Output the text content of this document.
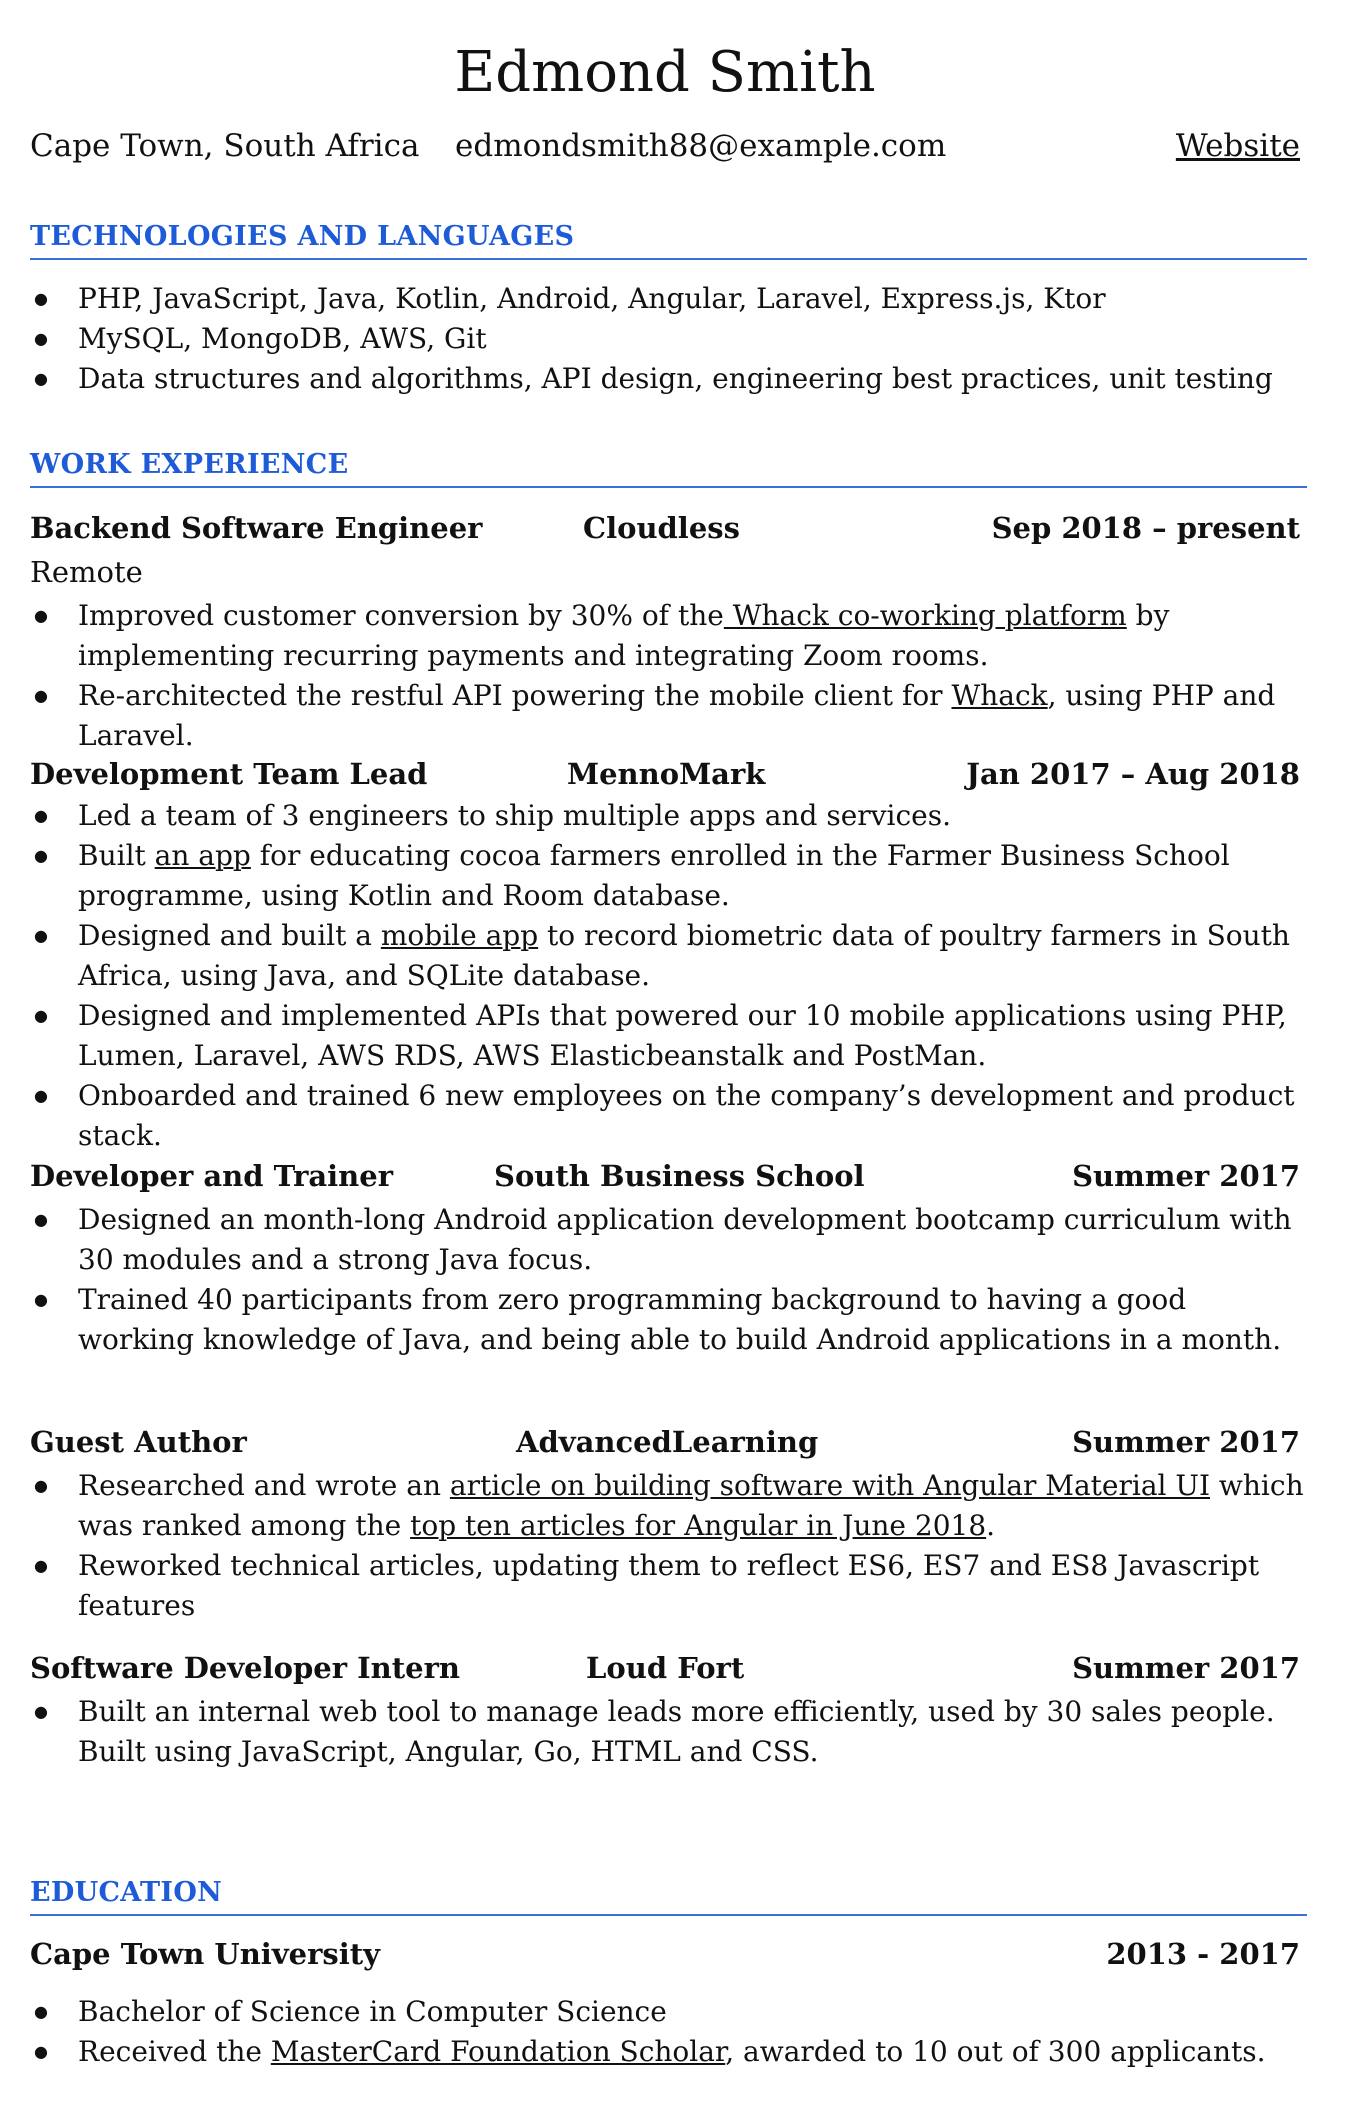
Edmond Smith
Cape Town, South Africa edmondsmith88@example.com	Website
TECHNOLOGIES AND LANGUAGES
● PHP, JavaScript, Java, Kotlin, Android, Angular, Laravel, Express.js, Ktor
● MySQL, MongoDB, AWS, Git
● Data structures and algorithms, API design, engineering best practices, unit testing
WORK EXPERIENCE
Backend Software Engineer	Cloudless	Sep 2018 – present
Remote
● Improved customer conversion by 30% of the Whack co-working platform by implementing recurring payments and integrating Zoom rooms.
● Re-architected the restful API powering the mobile client for Whack, using PHP and Laravel.
Development Team Lead	MennoMark	Jan 2017 – Aug 2018
● Led a team of 3 engineers to ship multiple apps and services.
● Built an app for educating cocoa farmers enrolled in the Farmer Business School programme, using Kotlin and Room database.
● Designed and built a mobile app to record biometric data of poultry farmers in South Africa, using Java, and SQLite database.
● Designed and implemented APIs that powered our 10 mobile applications using PHP, Lumen, Laravel, AWS RDS, AWS Elasticbeanstalk and PostMan.
● Onboarded and trained 6 new employees on the company’s development and product stack.
Developer and Trainer	South Business School	Summer 2017
● Designed an month-long Android application development bootcamp curriculum with 30 modules and a strong Java focus.
● Trained 40 participants from zero programming background to having a good working knowledge of Java, and being able to build Android applications in a month.
Guest Author	AdvancedLearning	Summer 2017
● Researched and wrote an article on building software with Angular Material UI which was ranked among the top ten articles for Angular in June 2018.
● Reworked technical articles, updating them to reflect ES6, ES7 and ES8 Javascript features
Software Developer Intern	Loud Fort	Summer 2017
● Built an internal web tool to manage leads more efficiently, used by 30 sales people. Built using JavaScript, Angular, Go, HTML and CSS.
EDUCATION
Cape Town University	2013 - 2017
● Bachelor of Science in Computer Science
● Received the MasterCard Foundation Scholar, awarded to 10 out of 300 applicants.
